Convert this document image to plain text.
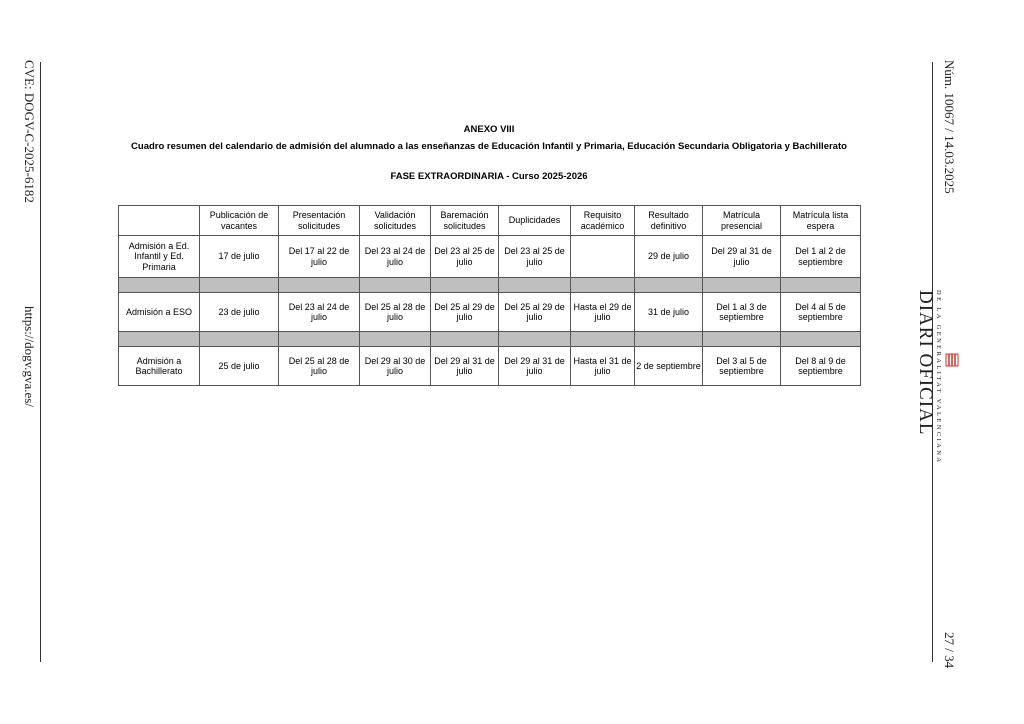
CVE: DOGV-C-2025-6182
https://dogv.gva.es/
Núm. 10067 / 14.03.2025
27 / 34
DE LA GENERALITAT VALENCIANA
DIARI OFICIAL
ANEXO VIII
Cuadro resumen del calendario de admisión del alumnado a las enseñanzas de Educación Infantil y Primaria, Educación Secundaria Obligatoria y Bachillerato
FASE EXTRAORDINARIA - Curso 2025-2026
	Publicación de vacantes	Presentación solicitudes	Validación solicitudes	Baremación solicitudes	Duplicidades	Requisito académico	Resultado definitivo	Matrícula presencial	Matrícula lista espera
Admisión a Ed. Infantil y Ed. Primaria	17 de julio	Del 17 al 22 de julio	Del 23 al 24 de julio	Del 23 al 25 de julio	Del 23 al 25 de julio		29 de julio	Del 29 al 31 de julio	Del 1 al 2 de septiembre

Admisión a ESO	23 de julio	Del 23 al 24 de julio	Del 25 al 28 de julio	Del 25 al 29 de julio	Del 25 al 29 de julio	Hasta el 29 de julio	31 de julio	Del 1 al 3 de septiembre	Del 4 al 5 de septiembre

Admisión a Bachillerato	25 de julio	Del 25 al 28 de julio	Del 29 al 30 de julio	Del 29 al 31 de julio	Del 29 al 31 de julio	Hasta el 31 de julio	2 de septiembre	Del 3 al 5 de septiembre	Del 8 al 9 de septiembre
